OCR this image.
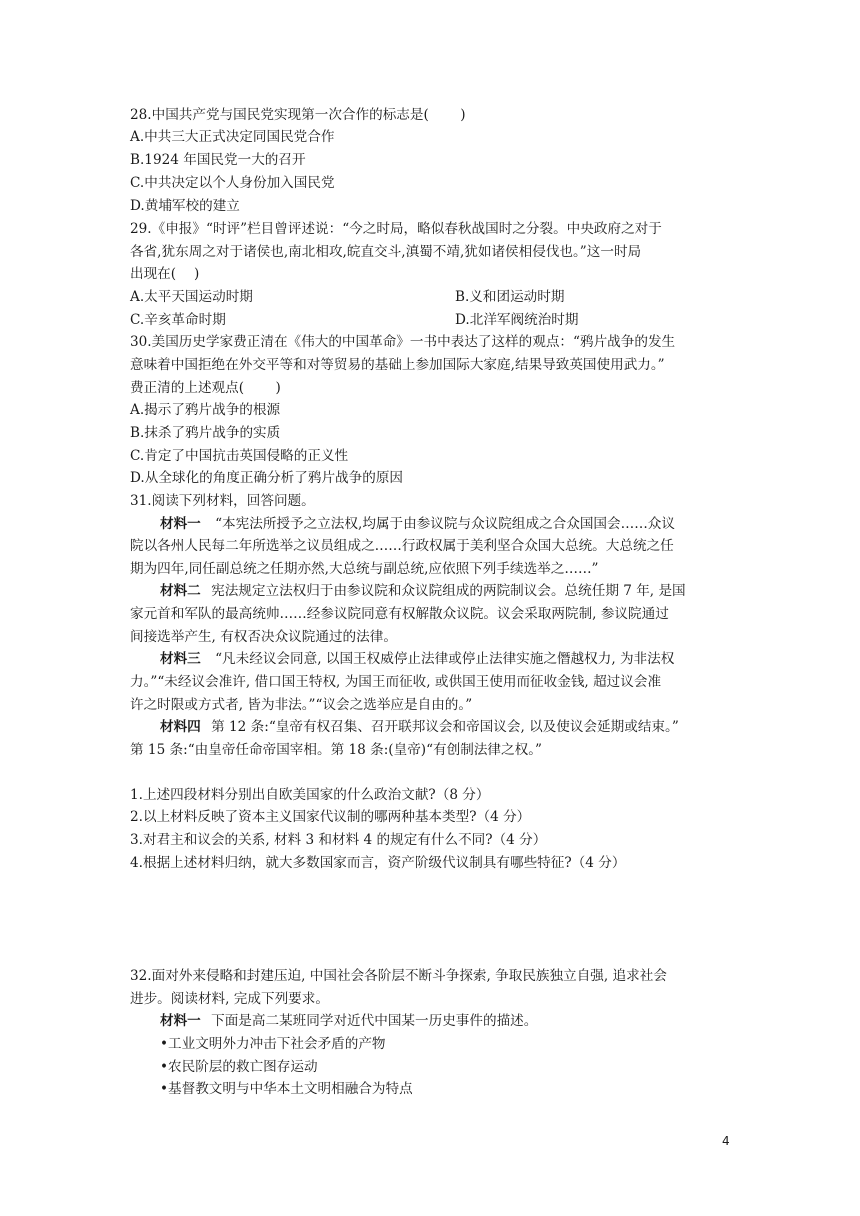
28.中国共产党与国民党实现第一次合作的标志是(　　 )
A.中共三大正式决定同国民党合作
B.1924 年国民党一大的召开
C.中共决定以个人身份加入国民党
D.黄埔军校的建立
29.《申报》“时评”栏目曾评述说：“今之时局，略似春秋战国时之分裂。中央政府之对于
各省,犹东周之对于诸侯也,南北相攻,皖直交斗,滇蜀不靖,犹如诸侯相侵伐也。”这一时局
出现在(　 )
A.太平天国运动时期	B.义和团运动时期
C.辛亥革命时期	D.北洋军阀统治时期
30.美国历史学家费正清在《伟大的中国革命》一书中表达了这样的观点：“鸦片战争的发生
意味着中国拒绝在外交平等和对等贸易的基础上参加国际大家庭,结果导致英国使用武力。”
费正清的上述观点(　　 )
A.揭示了鸦片战争的根源
B.抹杀了鸦片战争的实质
C.肯定了中国抗击英国侵略的正义性
D.从全球化的角度正确分析了鸦片战争的原因
31.阅读下列材料，回答问题。
材料一 “本宪法所授予之立法权,均属于由参议院与众议院组成之合众国国会……众议
院以各州人民每二年所选举之议员组成之……行政权属于美利坚合众国大总统。大总统之任
期为四年,同任副总统之任期亦然,大总统与副总统,应依照下列手续选举之……”
材料二 宪法规定立法权归于由参议院和众议院组成的两院制议会。总统任期 7 年, 是国
家元首和军队的最高统帅……经参议院同意有权解散众议院。议会采取两院制, 参议院通过
间接选举产生, 有权否决众议院通过的法律。
材料三 “凡未经议会同意, 以国王权威停止法律或停止法律实施之僭越权力, 为非法权
力。”“未经议会准许, 借口国王特权, 为国王而征收, 或供国王使用而征收金钱, 超过议会准
许之时限或方式者, 皆为非法。”“议会之选举应是自由的。”
材料四 第 12 条:“皇帝有权召集、召开联邦议会和帝国议会, 以及使议会延期或结束。”
第 15 条:“由皇帝任命帝国宰相。第 18 条:(皇帝)“有创制法律之权。”
1.上述四段材料分别出自欧美国家的什么政治文献?（8 分）
2.以上材料反映了资本主义国家代议制的哪两种基本类型?（4 分）
3.对君主和议会的关系, 材料 3 和材料 4 的规定有什么不同?（4 分）
4.根据上述材料归纳，就大多数国家而言，资产阶级代议制具有哪些特征?（4 分）
32.面对外来侵略和封建压迫, 中国社会各阶层不断斗争探索, 争取民族独立自强, 追求社会
进步。阅读材料, 完成下列要求。
材料一 下面是高二某班同学对近代中国某一历史事件的描述。
•工业文明外力冲击下社会矛盾的产物
•农民阶层的救亡图存运动
•基督教文明与中华本土文明相融合为特点
4
